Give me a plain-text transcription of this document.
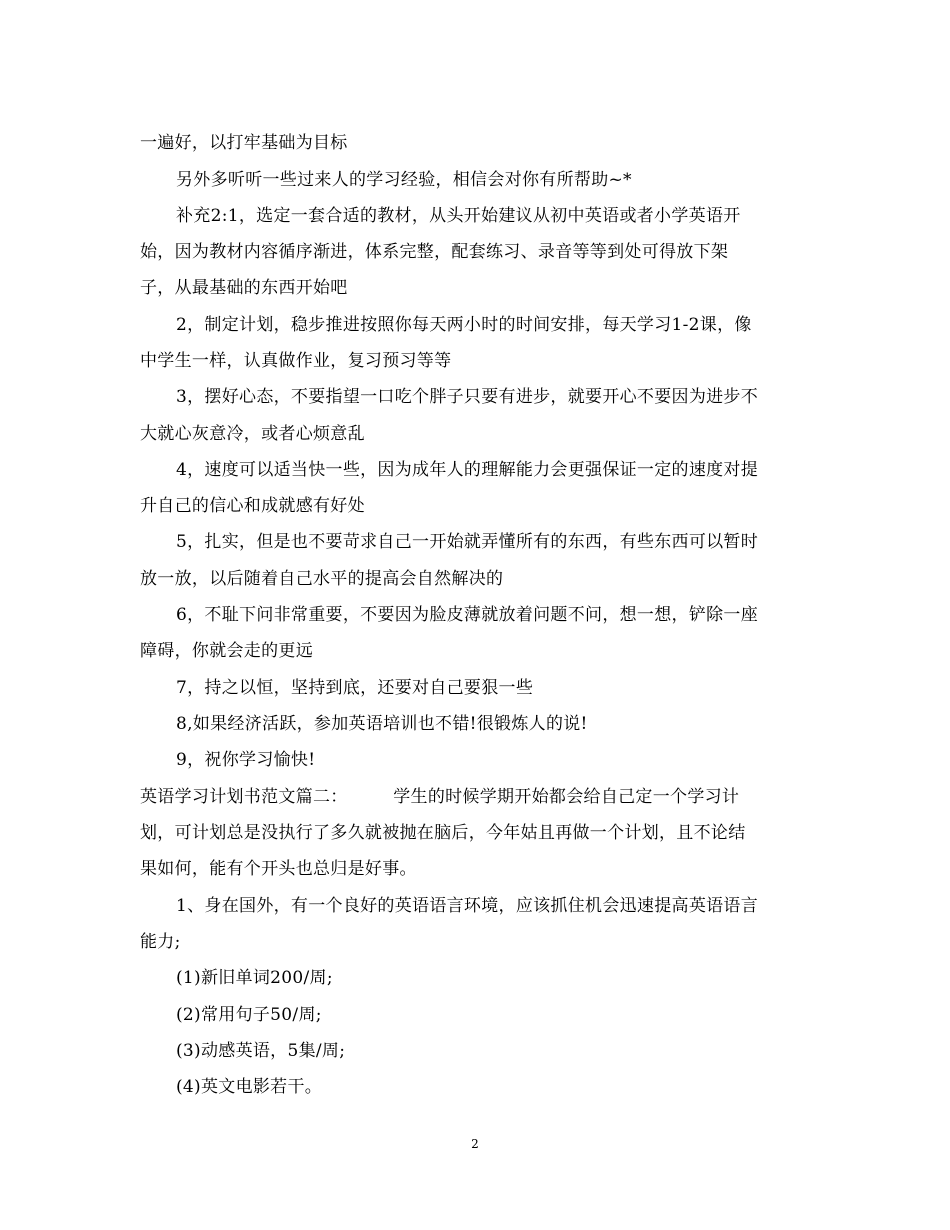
一遍好，以打牢基础为目标
另外多听听一些过来人的学习经验，相信会对你有所帮助~*
补充2:1，选定一套合适的教材，从头开始建议从初中英语或者小学英语开
始，因为教材内容循序渐进，体系完整，配套练习、录音等等到处可得放下架
子，从最基础的东西开始吧
2，制定计划，稳步推进按照你每天两小时的时间安排，每天学习1-2课，像
中学生一样，认真做作业，复习预习等等
3，摆好心态，不要指望一口吃个胖子只要有进步，就要开心不要因为进步不
大就心灰意冷，或者心烦意乱
4，速度可以适当快一些，因为成年人的理解能力会更强保证一定的速度对提
升自己的信心和成就感有好处
5，扎实，但是也不要苛求自己一开始就弄懂所有的东西，有些东西可以暂时
放一放，以后随着自己水平的提高会自然解决的
6，不耻下问非常重要，不要因为脸皮薄就放着问题不问，想一想，铲除一座
障碍，你就会走的更远
7，持之以恒，坚持到底，还要对自己要狠一些
8,如果经济活跃，参加英语培训也不错!很锻炼人的说!
9，祝你学习愉快!
英语学习计划书范文篇二：        学生的时候学期开始都会给自己定一个学习计
划，可计划总是没执行了多久就被抛在脑后，今年姑且再做一个计划，且不论结
果如何，能有个开头也总归是好事。
1、身在国外，有一个良好的英语语言环境，应该抓住机会迅速提高英语语言
能力;
(1)新旧单词200/周;
(2)常用句子50/周;
(3)动感英语，5集/周;
(4)英文电影若干。
2
